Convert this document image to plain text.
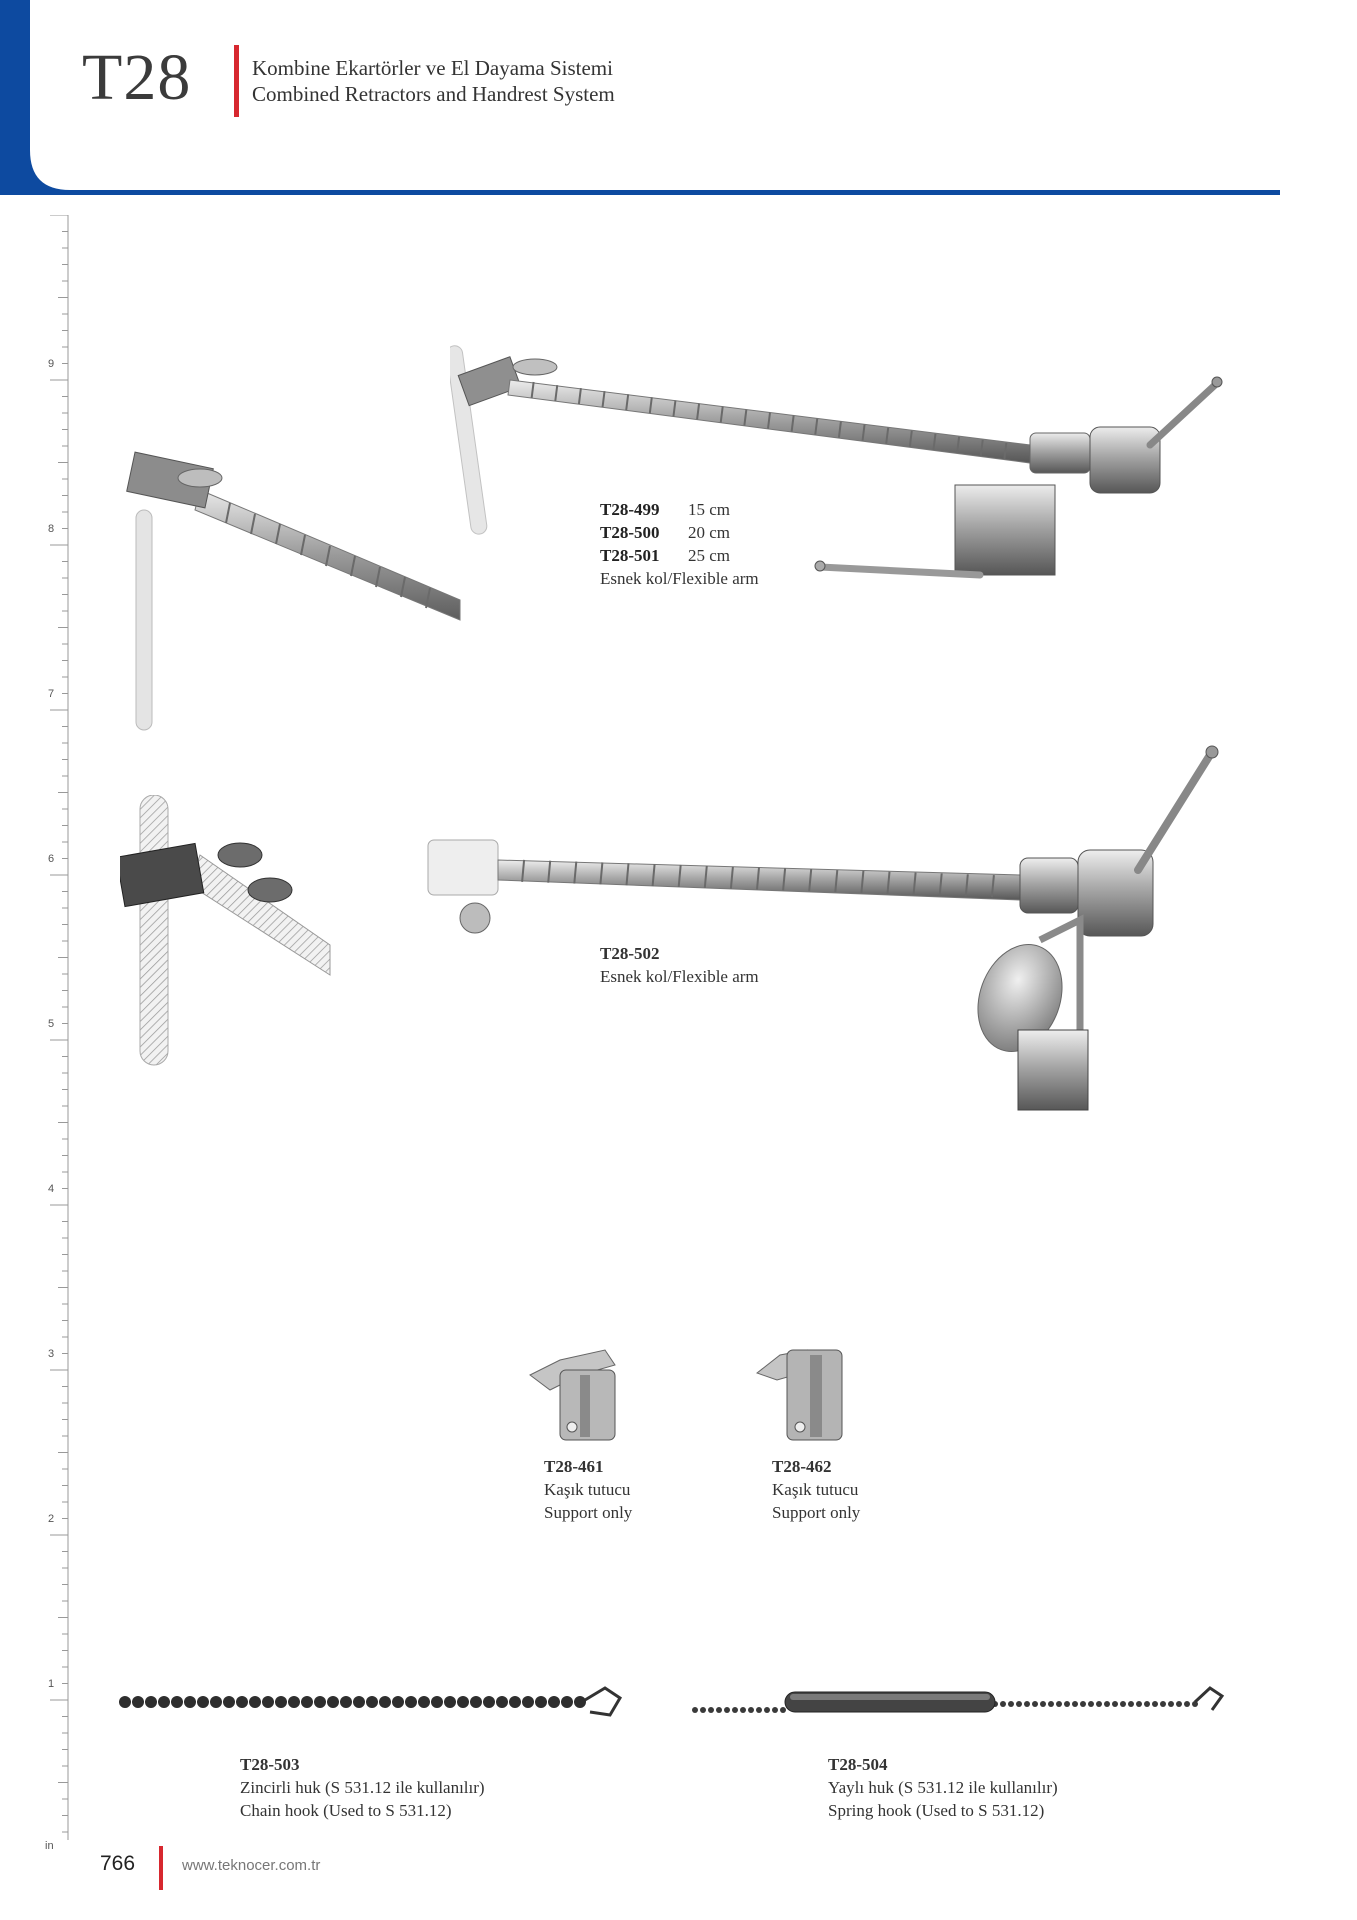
T28	Kombine Ekartörler ve El Dayama Sistemi
Combined Retractors and Handrest System
9
8
7
6
5
4
3
2
1
in
T28-499 15 cm
T28-500 20 cm
T28-501 25 cm
Esnek kol/Flexible arm
T28-502
Esnek kol/Flexible arm
T28-461
Kaşık tutucu
Support only
T28-462
Kaşık tutucu
Support only
T28-503
Zincirli huk (S 531.12 ile kullanılır)
Chain hook (Used to S 531.12)
T28-504
Yaylı huk (S 531.12 ile kullanılır)
Spring hook (Used to S 531.12)
766	www.teknocer.com.tr
